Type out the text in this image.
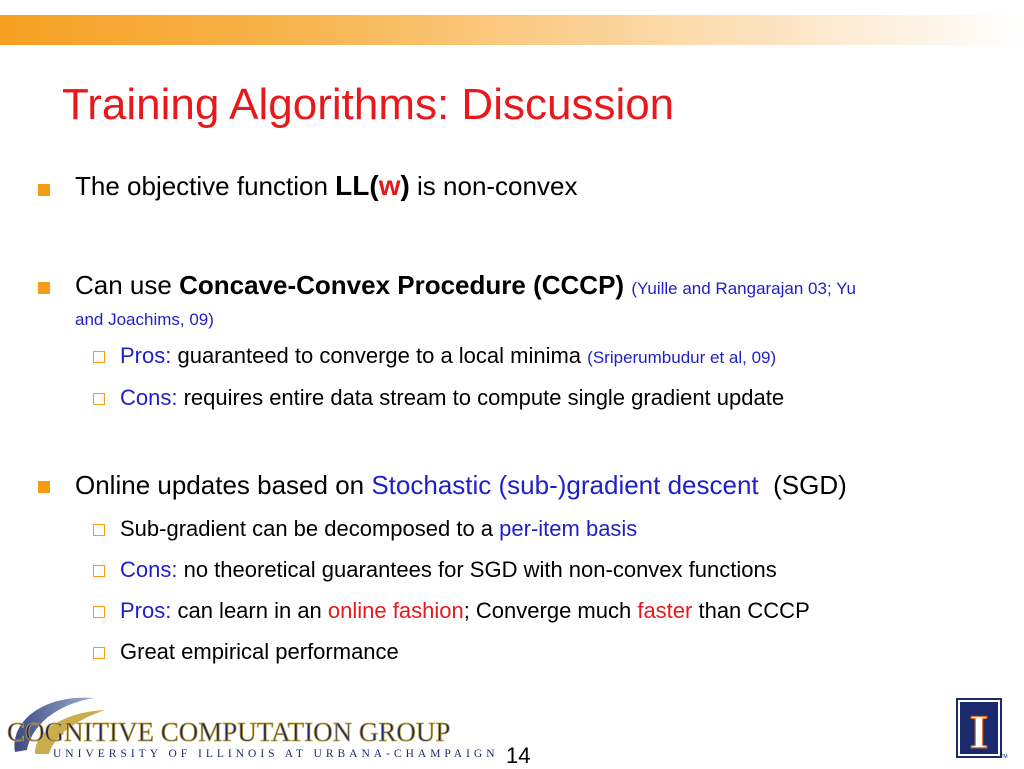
Training Algorithms: Discussion
The objective function LL(w) is non-convex
Can use Concave-Convex Procedure (CCCP) (Yuille and Rangarajan 03; Yu
and Joachims, 09)
Pros: guaranteed to converge to a local minima (Sriperumbudur et al, 09)
Cons: requires entire data stream to compute single gradient update
Online updates based on Stochastic (sub-)gradient descent  (SGD)
Sub-gradient can be decomposed to a per-item basis
Cons: no theoretical guarantees for SGD with non-convex functions
Pros: can learn in an online fashion; Converge much faster than CCCP
Great empirical performance
COGNITIVE COMPUTATION GROUP
UNIVERSITY OF ILLINOIS AT URBANA-CHAMPAIGN 14	I TM
